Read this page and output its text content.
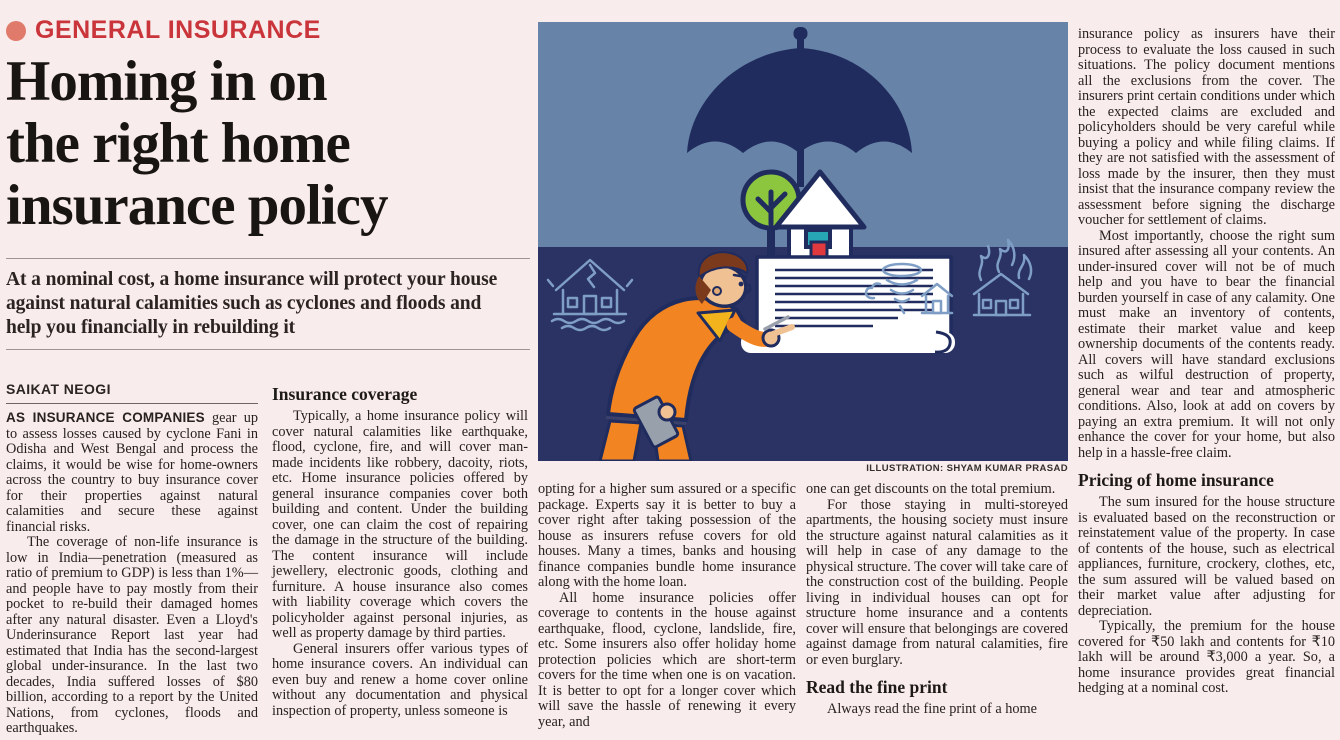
GENERAL INSURANCE
Homing in on
the right home
insurance policy

At a nominal cost, a home insurance will protect your house against natural calamities such as cyclones and floods and help you financially in rebuilding it

SAIKAT NEOGI

AS INSURANCE COMPANIES gear up to assess losses caused by cyclone Fani in Odisha and West Bengal and process the claims, it would be wise for home-owners across the country to buy insurance cover for their properties against natural calamities and secure these against financial risks.

The coverage of non-life insurance is low in India—penetration (measured as ratio of premium to GDP) is less than 1%—and people have to pay mostly from their pocket to re-build their damaged homes after any natural disaster. Even a Lloyd's Underinsurance Report last year had estimated that India has the second-largest global under-insurance. In the last two decades, India suffered losses of $80 billion, according to a report by the United Nations, from cyclones, floods and earthquakes.

Insurance coverage

Typically, a home insurance policy will cover natural calamities like earthquake, flood, cyclone, fire, and will cover man-made incidents like robbery, dacoity, riots, etc. Home insurance policies offered by general insurance companies cover both building and content. Under the building cover, one can claim the cost of repairing the damage in the structure of the building. The content insurance will include jewellery, electronic goods, clothing and furniture. A house insurance also comes with liability coverage which covers the policyholder against personal injuries, as well as property damage by third parties.

General insurers offer various types of home insurance covers. An individual can even buy and renew a home cover online without any documentation and physical inspection of property, unless someone is

ILLUSTRATION: SHYAM KUMAR PRASAD

opting for a higher sum assured or a specific package. Experts say it is better to buy a cover right after taking possession of the house as insurers refuse covers for old houses. Many a times, banks and housing finance companies bundle home insurance along with the home loan.

All home insurance policies offer coverage to contents in the house against earthquake, flood, cyclone, landslide, fire, etc. Some insurers also offer holiday home protection policies which are short-term covers for the time when one is on vacation. It is better to opt for a longer cover which will save the hassle of renewing it every year, and

one can get discounts on the total premium.

For those staying in multi-storeyed apartments, the housing society must insure the structure against natural calamities as it will help in case of any damage to the physical structure. The cover will take care of the construction cost of the building. People living in individual houses can opt for structure home insurance and a contents cover will ensure that belongings are covered against damage from natural calamities, fire or even burglary.

Read the fine print

Always read the fine print of a home

insurance policy as insurers have their process to evaluate the loss caused in such situations. The policy document mentions all the exclusions from the cover. The insurers print certain conditions under which the expected claims are excluded and policyholders should be very careful while buying a policy and while filing claims. If they are not satisfied with the assessment of loss made by the insurer, then they must insist that the insurance company review the assessment before signing the discharge voucher for settlement of claims.

Most importantly, choose the right sum insured after assessing all your contents. An under-insured cover will not be of much help and you have to bear the financial burden yourself in case of any calamity. One must make an inventory of contents, estimate their market value and keep ownership documents of the contents ready. All covers will have standard exclusions such as wilful destruction of property, general wear and tear and atmospheric conditions. Also, look at add on covers by paying an extra premium. It will not only enhance the cover for your home, but also help in a hassle-free claim.

Pricing of home insurance

The sum insured for the house structure is evaluated based on the reconstruction or reinstatement value of the property. In case of contents of the house, such as electrical appliances, furniture, crockery, clothes, etc, the sum assured will be valued based on their market value after adjusting for depreciation.

Typically, the premium for the house covered for ₹50 lakh and contents for ₹10 lakh will be around ₹3,000 a year. So, a home insurance provides great financial hedging at a nominal cost.
